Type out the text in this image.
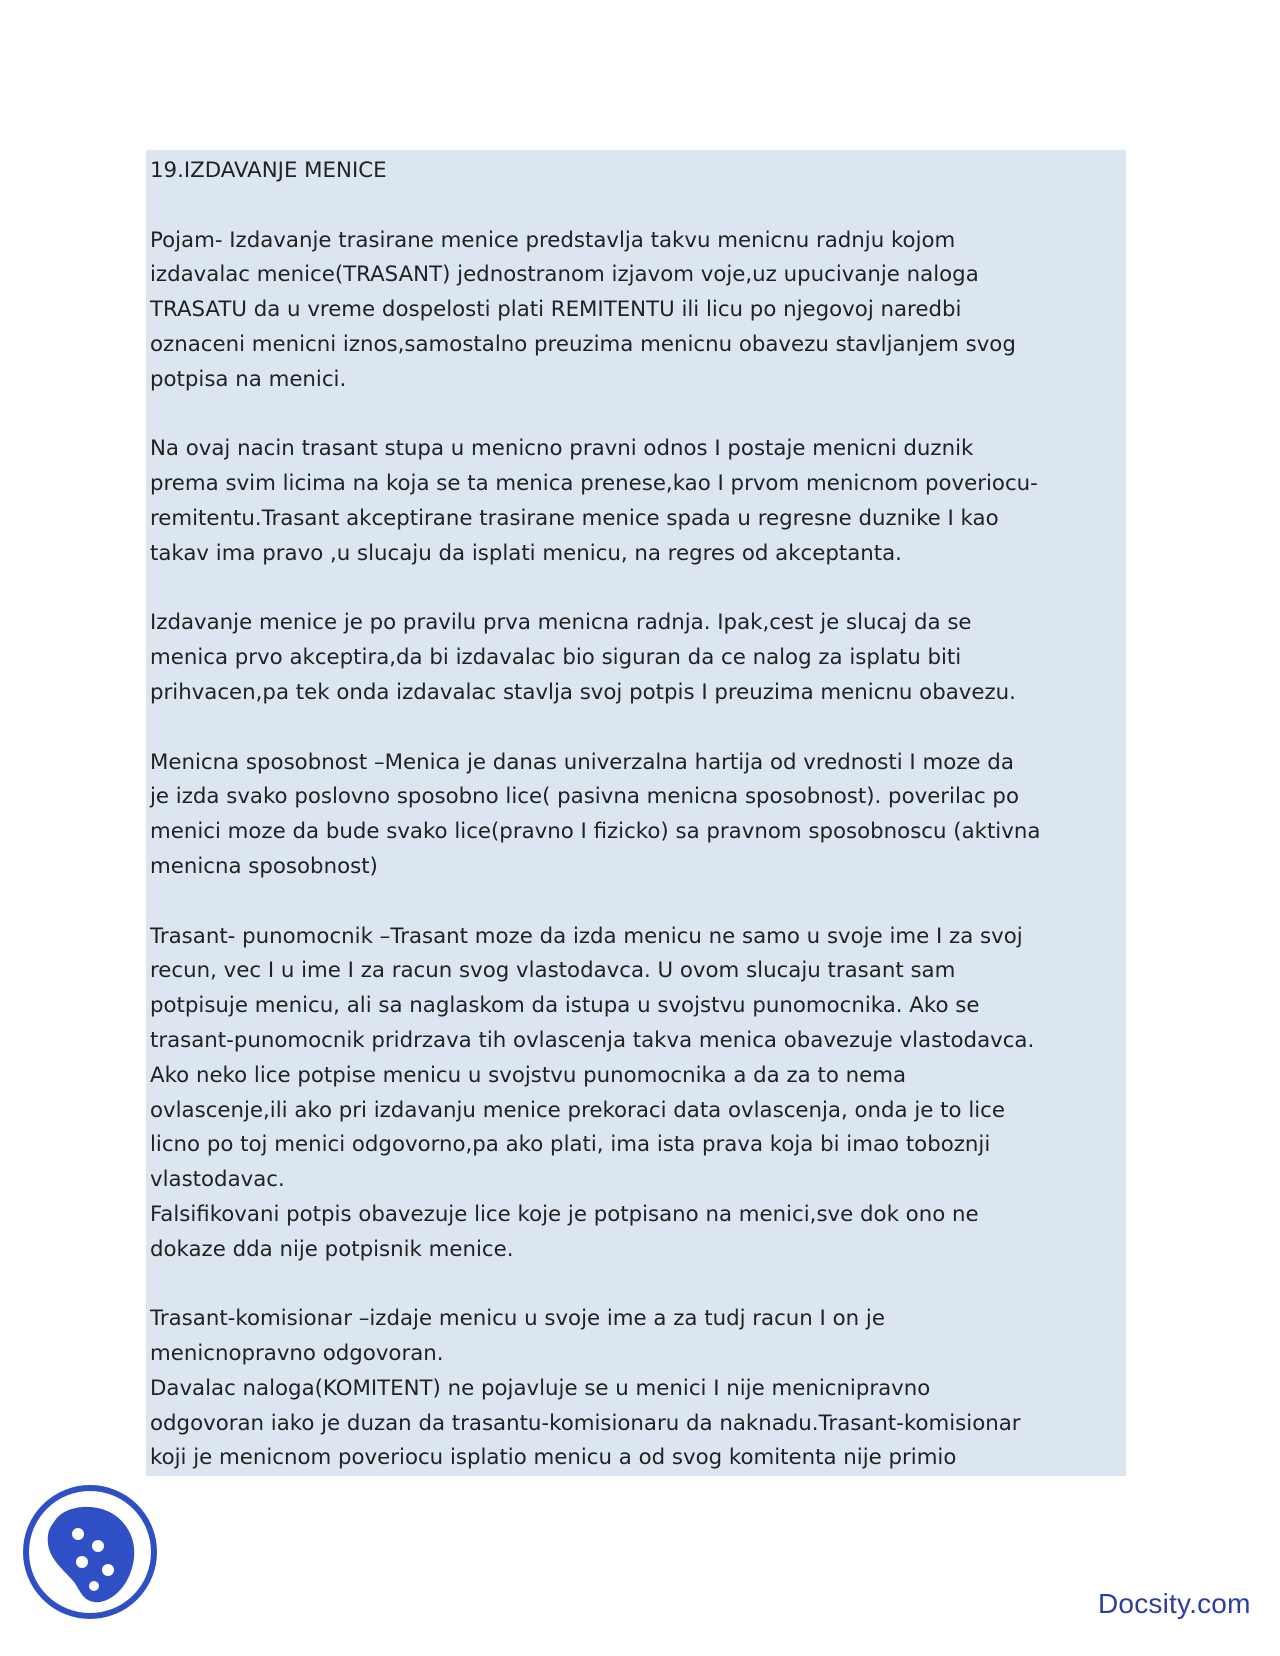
19.IZDAVANJE MENICE
Pojam- Izdavanje trasirane menice predstavlja takvu menicnu radnju kojom
izdavalac menice(TRASANT) jednostranom izjavom voje,uz upucivanje naloga
TRASATU da u vreme dospelosti plati REMITENTU ili licu po njegovoj naredbi
oznaceni menicni iznos,samostalno preuzima menicnu obavezu stavljanjem svog
potpisa na menici.
Na ovaj nacin trasant stupa u menicno pravni odnos I postaje menicni duznik
prema svim licima na koja se ta menica prenese,kao I prvom menicnom poveriocu-
remitentu.Trasant akceptirane trasirane menice spada u regresne duznike I kao
takav ima pravo ,u slucaju da isplati menicu, na regres od akceptanta.
Izdavanje menice je po pravilu prva menicna radnja. Ipak,cest je slucaj da se
menica prvo akceptira,da bi izdavalac bio siguran da ce nalog za isplatu biti
prihvacen,pa tek onda izdavalac stavlja svoj potpis I preuzima menicnu obavezu.
Menicna sposobnost –Menica je danas univerzalna hartija od vrednosti I moze da
je izda svako poslovno sposobno lice( pasivna menicna sposobnost). poverilac po
menici moze da bude svako lice(pravno I fizicko) sa pravnom sposobnoscu (aktivna
menicna sposobnost)
Trasant- punomocnik –Trasant moze da izda menicu ne samo u svoje ime I za svoj
recun, vec I u ime I za racun svog vlastodavca. U ovom slucaju trasant sam
potpisuje menicu, ali sa naglaskom da istupa u svojstvu punomocnika. Ako se
trasant-punomocnik pridrzava tih ovlascenja takva menica obavezuje vlastodavca.
Ako neko lice potpise menicu u svojstvu punomocnika a da za to nema
ovlascenje,ili ako pri izdavanju menice prekoraci data ovlascenja, onda je to lice
licno po toj menici odgovorno,pa ako plati, ima ista prava koja bi imao toboznji
vlastodavac.
Falsifikovani potpis obavezuje lice koje je potpisano na menici,sve dok ono ne
dokaze dda nije potpisnik menice.
Trasant-komisionar –izdaje menicu u svoje ime a za tudj racun I on je
menicnopravno odgovoran.
Davalac naloga(KOMITENT) ne pojavluje se u menici I nije menicnipravno
odgovoran iako je duzan da trasantu-komisionaru da naknadu.Trasant-komisionar
koji je menicnom poveriocu isplatio menicu a od svog komitenta nije primio
Docsity.com
